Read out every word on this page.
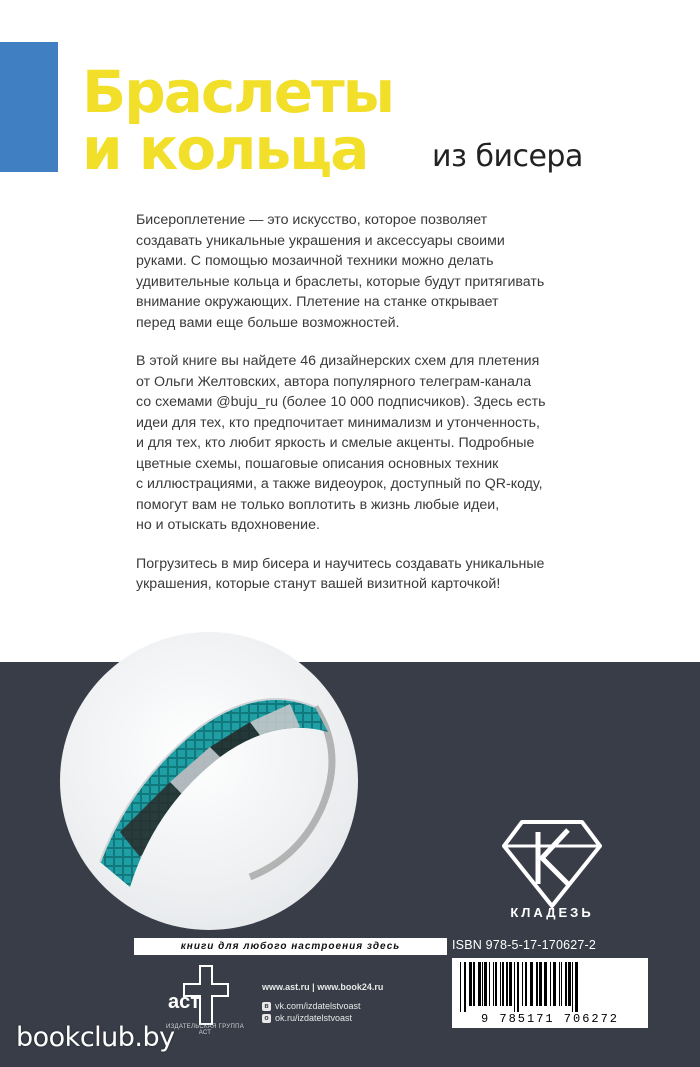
Браслеты
и кольца	из бисера

Бисероплетение — это искусство, которое позволяет
создавать уникальные украшения и аксессуары своими
руками. С помощью мозаичной техники можно делать
удивительные кольца и браслеты, которые будут притягивать
внимание окружающих. Плетение на станке открывает
перед вами еще больше возможностей.

В этой книге вы найдете 46 дизайнерских схем для плетения
от Ольги Желтовских, автора популярного телеграм-канала
со схемами @buju_ru (более 10 000 подписчиков). Здесь есть
идеи для тех, кто предпочитает минимализм и утонченность,
и для тех, кто любит яркость и смелые акценты. Подробные
цветные схемы, пошаговые описания основных техник
с иллюстрациями, а также видеоурок, доступный по QR-коду,
помогут вам не только воплотить в жизнь любые идеи,
но и отыскать вдохновение.

Погрузитесь в мир бисера и научитесь создавать уникальные
украшения, которые станут вашей визитной карточкой!

КЛАДЕЗЬ
книги для любого настроения здесь
аст
ИЗДАТЕЛЬСКАЯ ГРУППА АСТ
www.ast.ru | www.book24.ru
в vk.com/izdatelstvoast
о ok.ru/izdatelstvoast
ISBN 978-5-17-170627-2
9 785171 706272
bookclub.by
